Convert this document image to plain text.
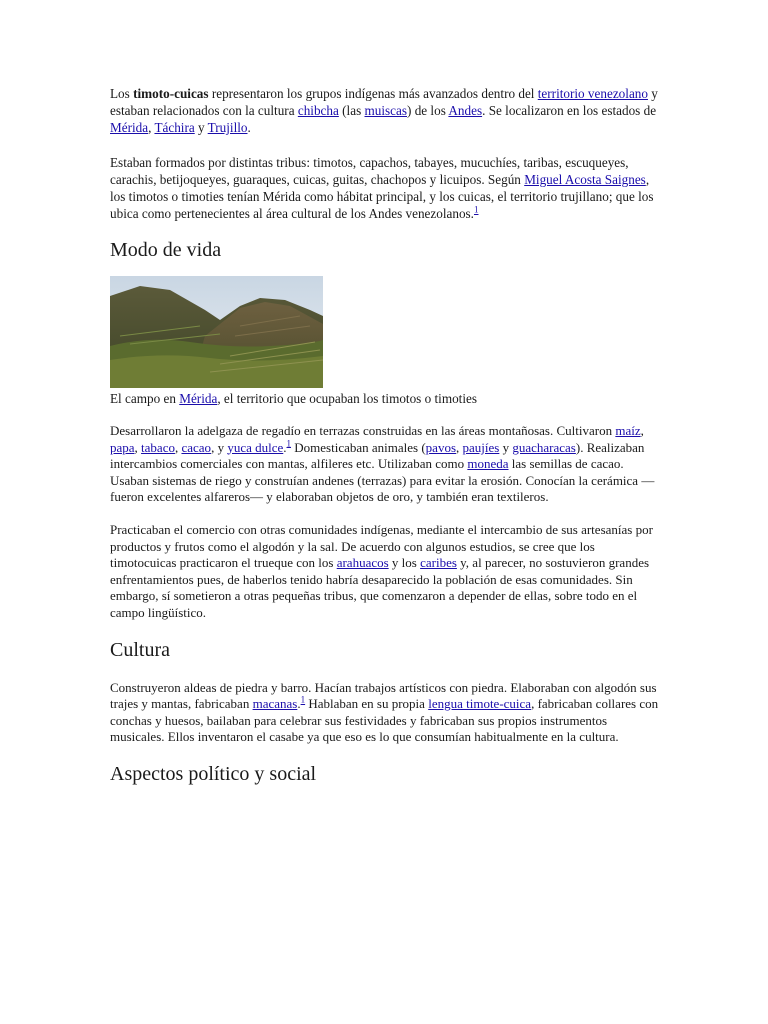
Los timoto-cuicas representaron los grupos indígenas más avanzados dentro del territorio venezolano y estaban relacionados con la cultura chibcha (las muiscas) de los Andes. Se localizaron en los estados de Mérida, Táchira y Trujillo.

Estaban formados por distintas tribus: timotos, capachos, tabayes, mucuchíes, taribas, escuqueyes, carachis, betijoqueyes, guaraques, cuicas, guitas, chachopos y licuipos. Según Miguel Acosta Saignes, los timotos o timoties tenían Mérida como hábitat principal, y los cuicas, el territorio trujillano; que los ubica como pertenecientes al área cultural de los Andes venezolanos.$^1$

Modo de vida

El campo en Mérida, el territorio que ocupaban los timotos o timoties

Desarrollaron la adelgaza de regadío en terrazas construidas en las áreas montañosas. Cultivaron maíz, papa, tabaco, cacao, y yuca dulce.$^1$ Domesticaban animales (pavos, paujíes y guacharacas). Realizaban intercambios comerciales con mantas, alfileres etc. Utilizaban como moneda las semillas de cacao. Usaban sistemas de riego y construían andenes (terrazas) para evitar la erosión. Conocían la cerámica —fueron excelentes alfareros— y elaboraban objetos de oro, y también eran textileros.

Practicaban el comercio con otras comunidades indígenas, mediante el intercambio de sus artesanías por productos y frutos como el algodón y la sal. De acuerdo con algunos estudios, se cree que los timotocuicas practicaron el trueque con los arahuacos y los caribes y, al parecer, no sostuvieron grandes enfrentamientos pues, de haberlos tenido habría desaparecido la población de esas comunidades. Sin embargo, sí sometieron a otras pequeñas tribus, que comenzaron a depender de ellas, sobre todo en el campo lingüístico.

Cultura

Construyeron aldeas de piedra y barro. Hacían trabajos artísticos con piedra. Elaboraban con algodón sus trajes y mantas, fabricaban macanas.$^1$ Hablaban en su propia lengua timote-cuica, fabricaban collares con conchas y huesos, bailaban para celebrar sus festividades y fabricaban sus propios instrumentos musicales. Ellos inventaron el casabe ya que eso es lo que consumían habitualmente en la cultura.

Aspectos político y social
